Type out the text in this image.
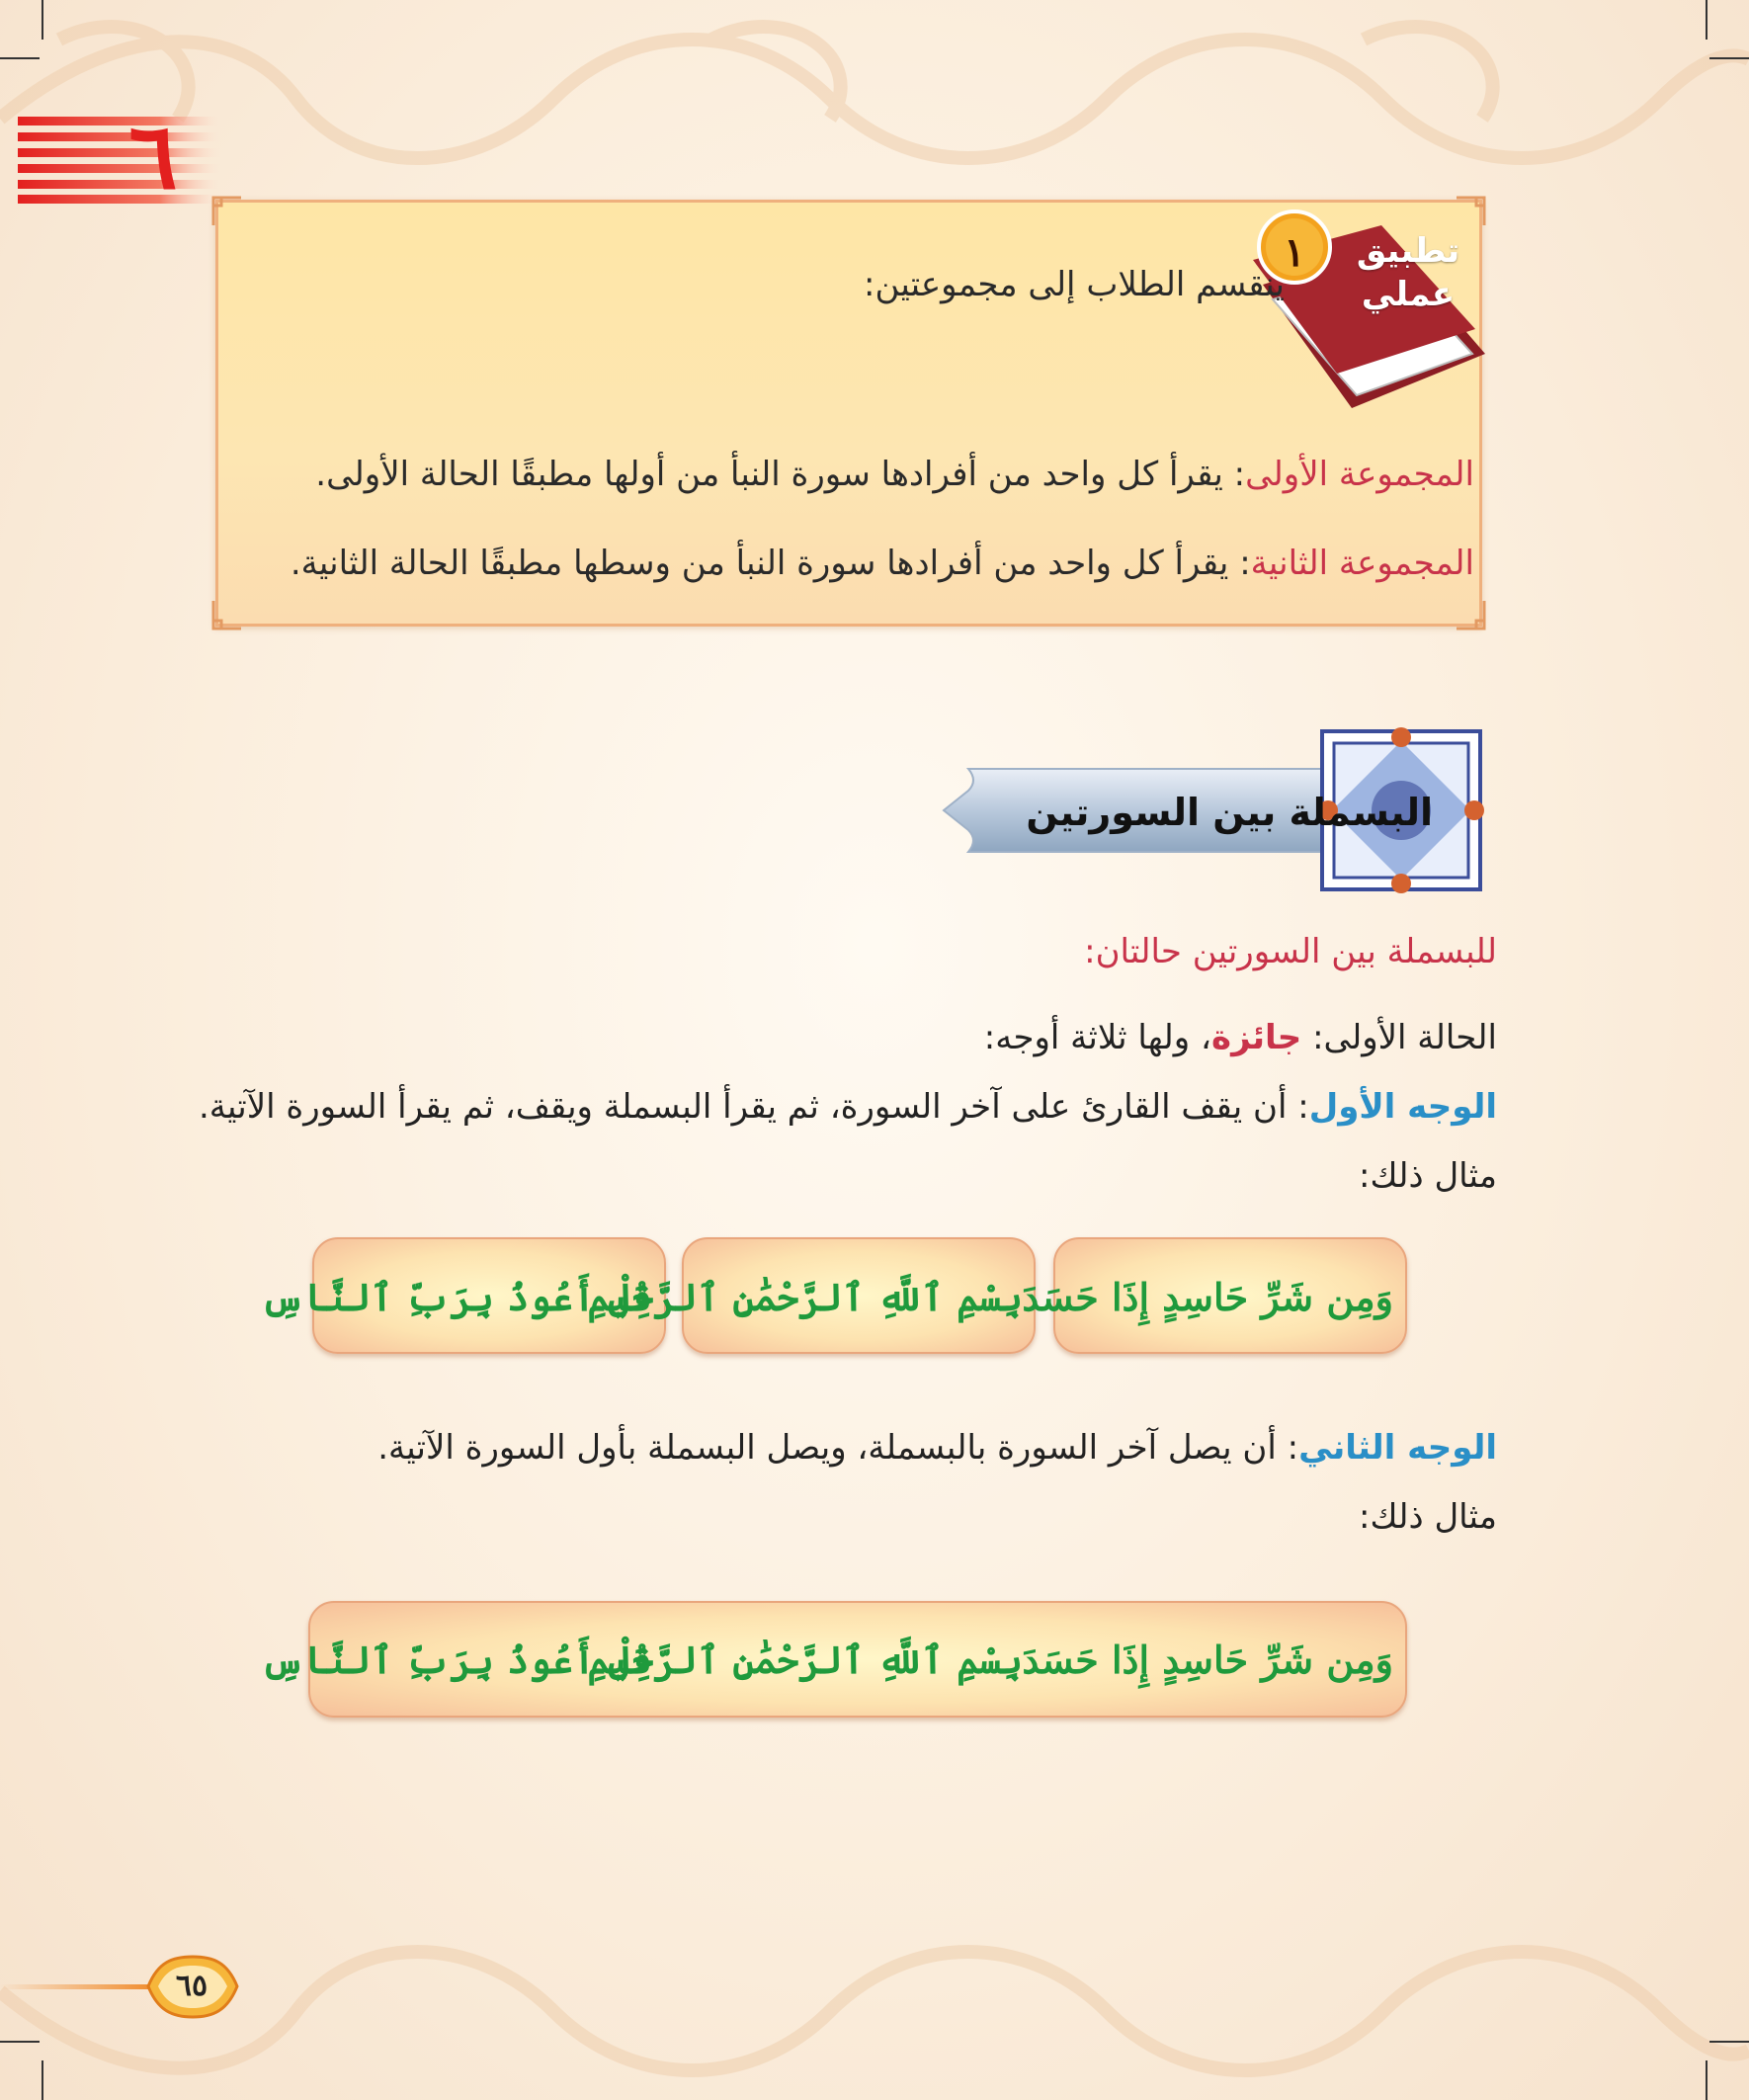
٦
١	تطبيق عملي
ينقسم الطلاب إلى مجموعتين:
المجموعة الأولى: يقرأ كل واحد من أفرادها سورة النبأ من أولها مطبقًا الحالة الأولى.
المجموعة الثانية: يقرأ كل واحد من أفرادها سورة النبأ من وسطها مطبقًا الحالة الثانية.
البسملة بين السورتين
للبسملة بين السورتين حالتان:
الحالة الأولى: جائزة، ولها ثلاثة أوجه:
الوجه الأول: أن يقف القارئ على آخر السورة، ثم يقرأ البسملة ويقف، ثم يقرأ السورة الآتية.
مثال ذلك:
وَمِن شَرِّ حَاسِدٍ إِذَا حَسَدَ
بِسْمِ ٱللَّهِ ٱلرَّحْمَٰنِ ٱلرَّحِيمِ
قُلْ أَعُوذُ بِرَبِّ ٱلنَّاسِ
الوجه الثاني: أن يصل آخر السورة بالبسملة، ويصل البسملة بأول السورة الآتية.
مثال ذلك:
وَمِن شَرِّ حَاسِدٍ إِذَا حَسَدَ
بِسْمِ ٱللَّهِ ٱلرَّحْمَٰنِ ٱلرَّحِيمِ
قُلْ أَعُوذُ بِرَبِّ ٱلنَّاسِ
٦٥
